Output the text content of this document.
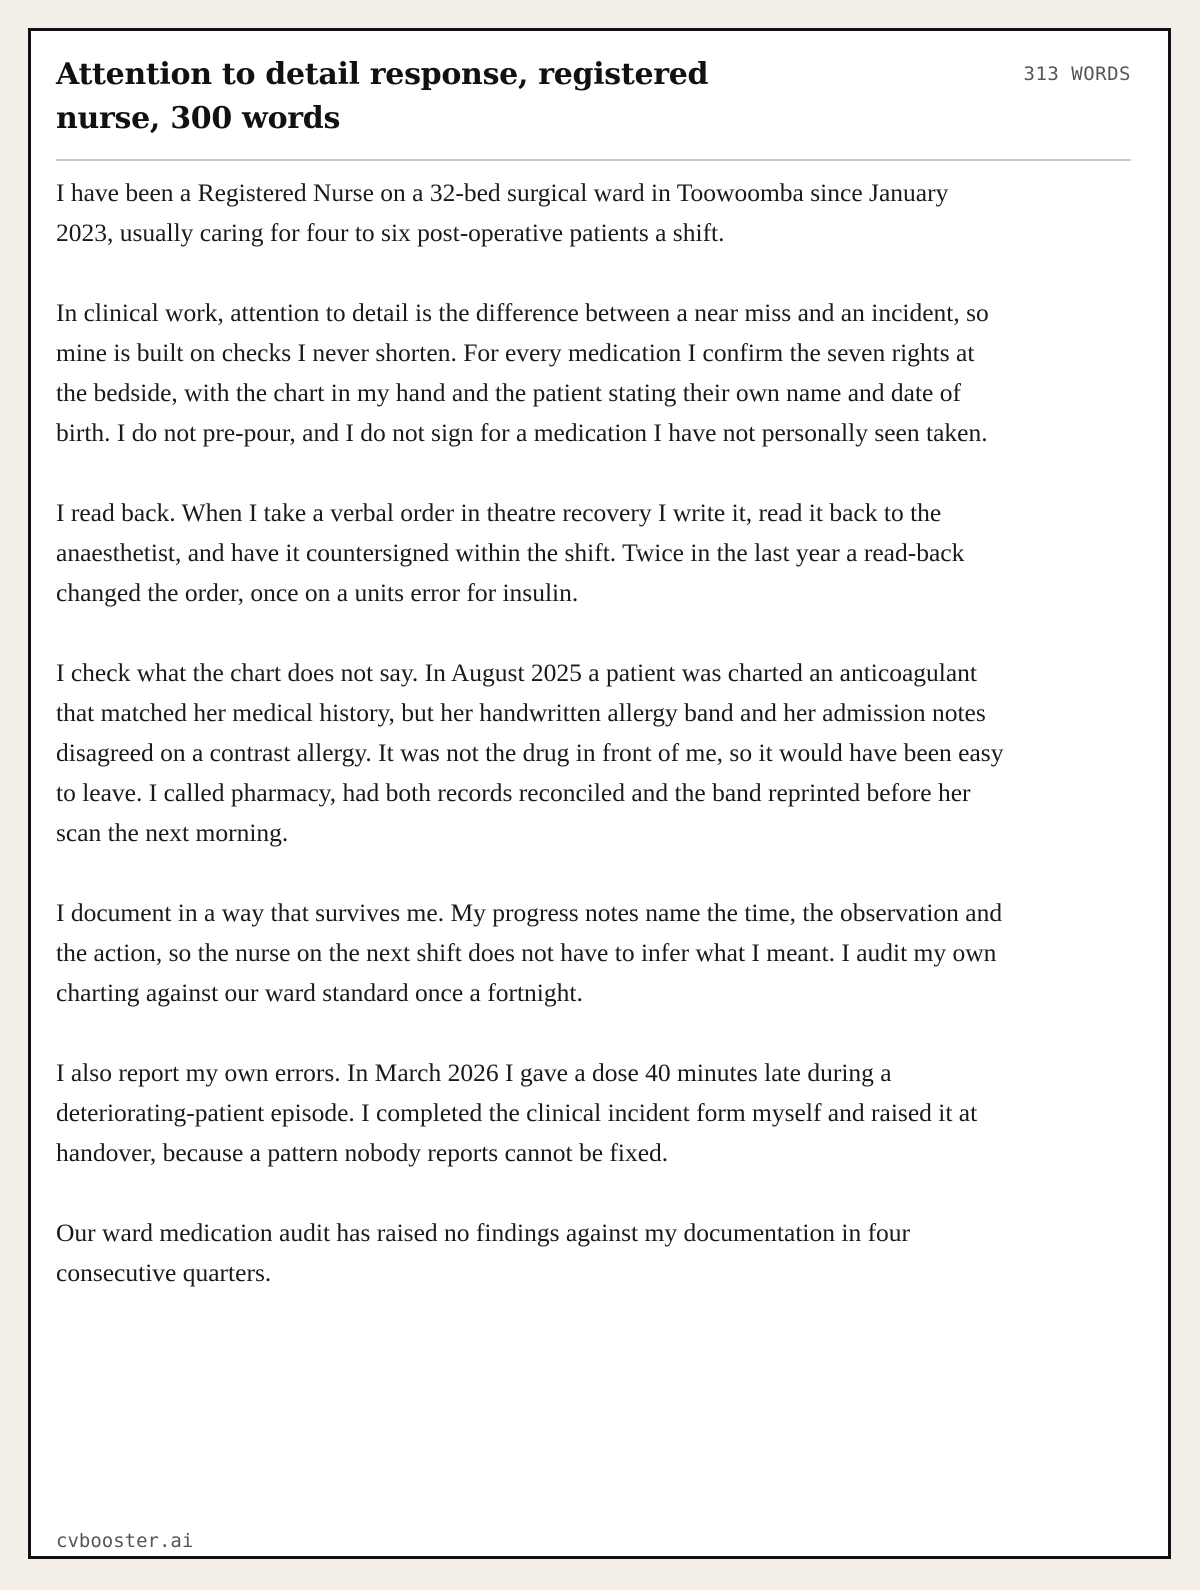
Attention to detail response, registered nurse, 300 words
313 WORDS

I have been a Registered Nurse on a 32-bed surgical ward in Toowoomba since January 2023, usually caring for four to six post-operative patients a shift.

In clinical work, attention to detail is the difference between a near miss and an incident, so mine is built on checks I never shorten. For every medication I confirm the seven rights at the bedside, with the chart in my hand and the patient stating their own name and date of birth. I do not pre-pour, and I do not sign for a medication I have not personally seen taken.

I read back. When I take a verbal order in theatre recovery I write it, read it back to the anaesthetist, and have it countersigned within the shift. Twice in the last year a read-back changed the order, once on a units error for insulin.

I check what the chart does not say. In August 2025 a patient was charted an anticoagulant that matched her medical history, but her handwritten allergy band and her admission notes disagreed on a contrast allergy. It was not the drug in front of me, so it would have been easy to leave. I called pharmacy, had both records reconciled and the band reprinted before her scan the next morning.

I document in a way that survives me. My progress notes name the time, the observation and the action, so the nurse on the next shift does not have to infer what I meant. I audit my own charting against our ward standard once a fortnight.

I also report my own errors. In March 2026 I gave a dose 40 minutes late during a deteriorating-patient episode. I completed the clinical incident form myself and raised it at handover, because a pattern nobody reports cannot be fixed.

Our ward medication audit has raised no findings against my documentation in four consecutive quarters.

cvbooster.ai
